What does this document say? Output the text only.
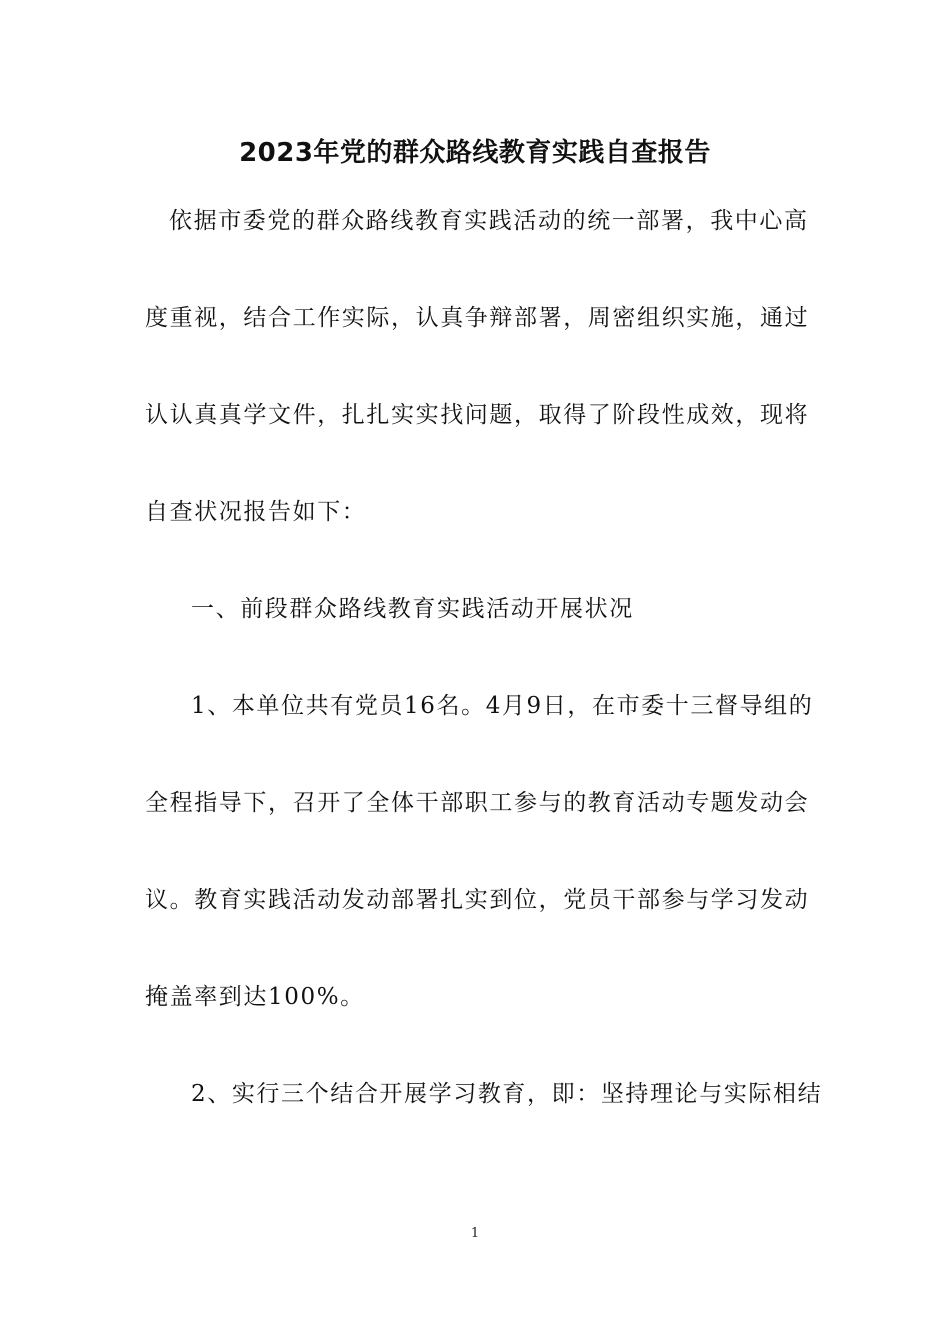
2023年党的群众路线教育实践自查报告
依据市委党的群众路线教育实践活动的统一部署，我中心高
度重视，结合工作实际，认真争辩部署，周密组织实施，通过
认认真真学文件，扎扎实实找问题，取得了阶段性成效，现将
自查状况报告如下：
一、前段群众路线教育实践活动开展状况
1、本单位共有党员16名。4月9日，在市委十三督导组的
全程指导下，召开了全体干部职工参与的教育活动专题发动会
议。教育实践活动发动部署扎实到位，党员干部参与学习发动
掩盖率到达100%。
2、实行三个结合开展学习教育，即：坚持理论与实际相结
1
